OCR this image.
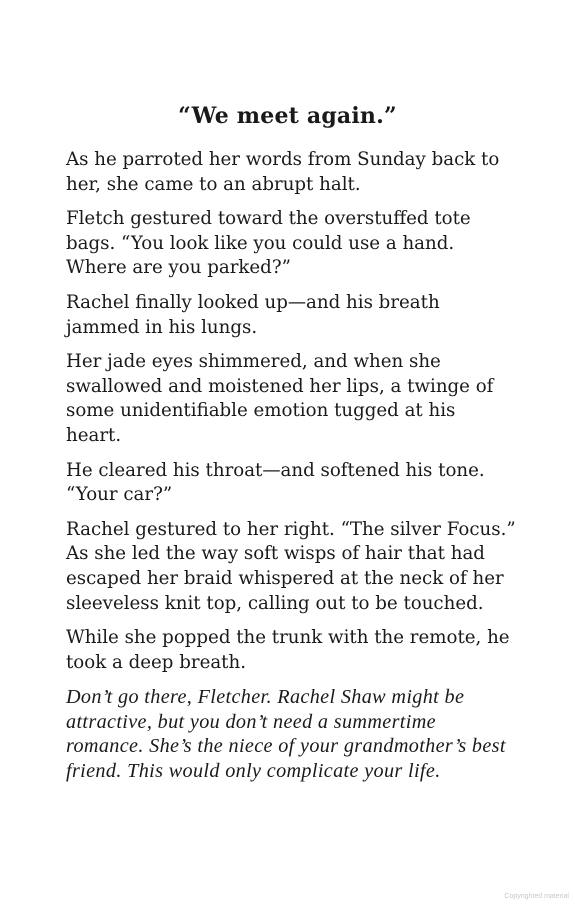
“We meet again.”

As he parroted her words from Sunday back to her, she came to an abrupt halt.

Fletch gestured toward the overstuffed tote bags. “You look like you could use a hand. Where are you parked?”

Rachel finally looked up—and his breath jammed in his lungs.

Her jade eyes shimmered, and when she swallowed and moistened her lips, a twinge of some unidentifiable emotion tugged at his heart.

He cleared his throat—and softened his tone. “Your car?”

Rachel gestured to her right. “The silver Focus.” As she led the way soft wisps of hair that had escaped her braid whispered at the neck of her sleeveless knit top, calling out to be touched.

While she popped the trunk with the remote, he took a deep breath.

Don’t go there, Fletcher. Rachel Shaw might be attractive, but you don’t need a summertime romance. She’s the niece of your grandmother’s best friend. This would only complicate your life.

Copyrighted material
